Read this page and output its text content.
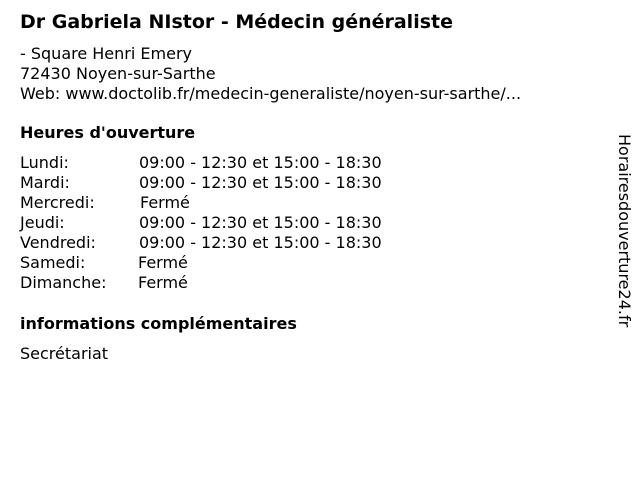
Dr Gabriela NIstor - Médecin généraliste
- Square Henri Emery
72430 Noyen-sur-Sarthe
Web: www.doctolib.fr/medecin-generaliste/noyen-sur-sarthe/...
Heures d'ouverture
Lundi:	09:00 - 12:30 et 15:00 - 18:30
Mardi:	09:00 - 12:30 et 15:00 - 18:30
Mercredi:	Fermé
Jeudi:	09:00 - 12:30 et 15:00 - 18:30
Vendredi:	09:00 - 12:30 et 15:00 - 18:30
Samedi:	Fermé
Dimanche: Fermé
informations complémentaires
Secrétariat
Horairesdouverture24.fr
